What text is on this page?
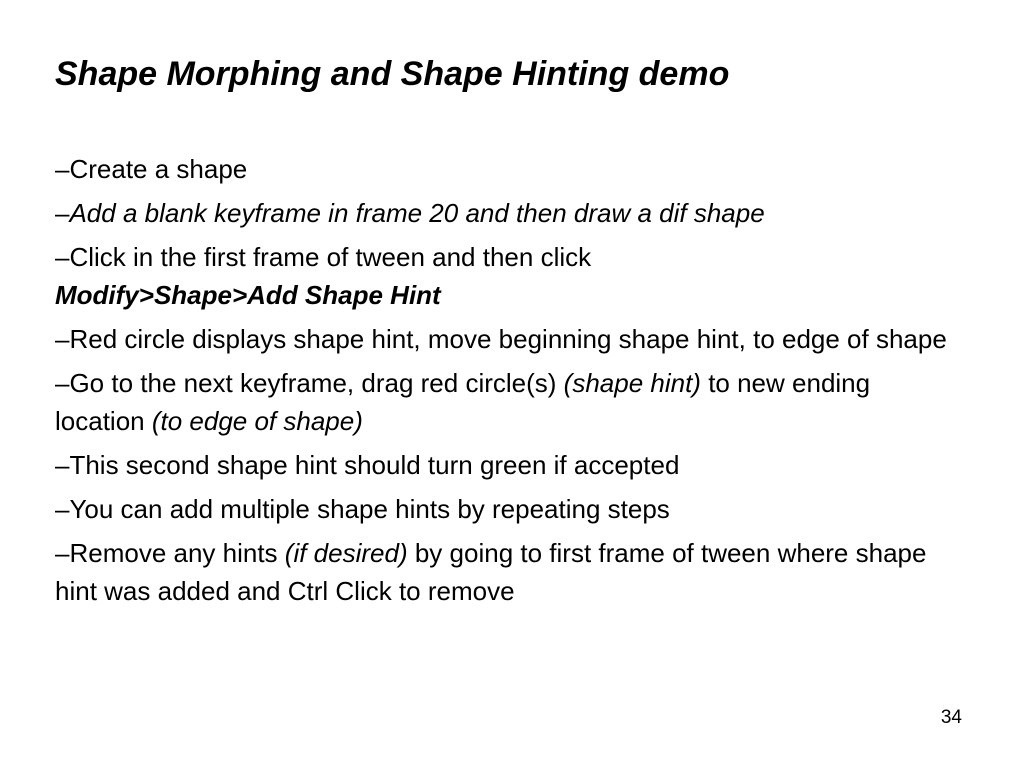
Shape Morphing and Shape Hinting demo
–Create a shape
–Add a blank keyframe in frame 20 and then draw a dif shape
–Click in the first frame of tween and then click
Modify>Shape>Add Shape Hint
–Red circle displays shape hint, move beginning shape hint, to edge of shape
–Go to the next keyframe, drag red circle(s) (shape hint) to new ending location (to edge of shape)
–This second shape hint should turn green if accepted
–You can add multiple shape hints by repeating steps
–Remove any hints (if desired) by going to first frame of tween where shape hint was added and Ctrl Click to remove
34
